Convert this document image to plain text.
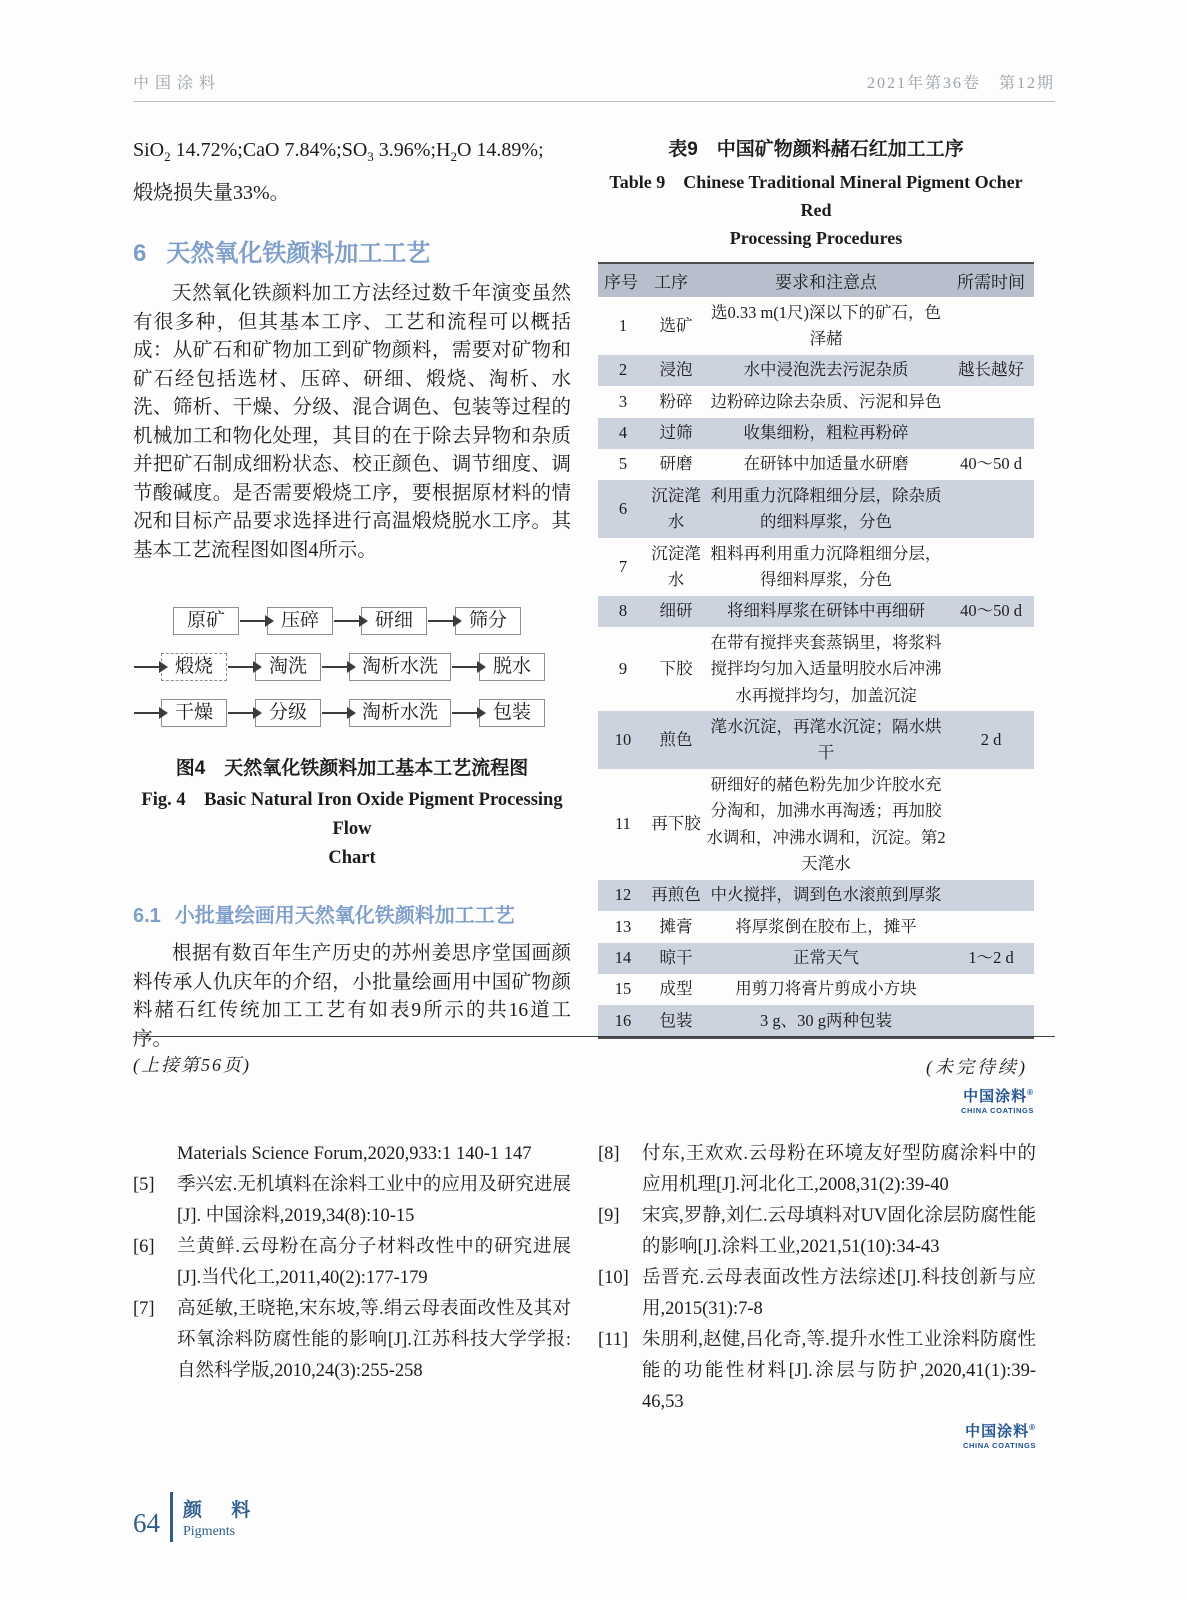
中国涂料	2021年第36卷　第12期
SiO$_2$ 14.72%;CaO $7.84\%;SO_3$ $3.96\%;H_2O$ 14.89%;
煅烧损失量33%。
6 天然氧化铁颜料加工工艺
天然氧化铁颜料加工方法经过数千年演变虽然有很多种，但其基本工序、工艺和流程可以概括成：从矿石和矿物加工到矿物颜料，需要对矿物和矿石经包括选材、压碎、研细、煅烧、淘析、水洗、筛析、干燥、分级、混合调色、包装等过程的机械加工和物化处理，其目的在于除去异物和杂质并把矿石制成细粉状态、校正颜色、调节细度、调节酸碱度。是否需要煅烧工序，要根据原材料的情况和目标产品要求选择进行高温煅烧脱水工序。其基本工艺流程图如图4所示。
原矿	压碎	研细	筛分
煅烧	淘洗	淘析水洗	脱水
干燥	分级	淘析水洗	包装
图4　天然氧化铁颜料加工基本工艺流程图
Fig. 4　Basic Natural Iron Oxide Pigment Processing Flow
Chart
6.1 小批量绘画用天然氧化铁颜料加工工艺
根据有数百年生产历史的苏州姜思序堂国画颜料传承人仇庆年的介绍，小批量绘画用中国矿物颜料赭石红传统加工工艺有如表9所示的共16道工序。
表9　中国矿物颜料赭石红加工工序
Table 9　Chinese Traditional Mineral Pigment Ocher Red
Processing Procedures
序号	工序	要求和注意点	所需时间
1	选矿	选0.33 m(1尺)深以下的矿石，色泽赭	
2	浸泡	水中浸泡洗去污泥杂质	越长越好
3	粉碎	边粉碎边除去杂质、污泥和异色	
4	过筛	收集细粉，粗粒再粉碎	
5	研磨	在研钵中加适量水研磨	40～50 d
6	沉淀滗水	利用重力沉降粗细分层，除杂质的细料厚浆，分色	
7	沉淀滗水	粗料再利用重力沉降粗细分层，得细料厚浆，分色	
8	细研	将细料厚浆在研钵中再细研	40～50 d
9	下胶	在带有搅拌夹套蒸锅里，将浆料搅拌均匀加入适量明胶水后冲沸水再搅拌均匀，加盖沉淀	
10	煎色	滗水沉淀，再滗水沉淀；隔水烘干	2 d
11	再下胶	研细好的赭色粉先加少许胶水充分淘和，加沸水再淘透；再加胶水调和，冲沸水调和，沉淀。第2天滗水	
12	再煎色	中火搅拌，调到色水滚煎到厚浆	
13	摊膏	将厚浆倒在胶布上，摊平	
14	晾干	正常天气	1～2 d
15	成型	用剪刀将膏片剪成小方块	
16	包装	3 g、30 g两种包装	
(未完待续)
中国涂料®
CHINA COATINGS
(上接第56页)
Materials Science Forum,2020,933:1 140-1 147
[5]	季兴宏.无机填料在涂料工业中的应用及研究进展[J]. 中国涂料,2019,34(8):10-15
[6]	兰黄鲜.云母粉在高分子材料改性中的研究进展[J].当代化工,2011,40(2):177-179
[7]	高延敏,王晓艳,宋东坡,等.绢云母表面改性及其对环氧涂料防腐性能的影响[J].江苏科技大学学报:自然科学版,2010,24(3):255-258
[8]	付东,王欢欢.云母粉在环境友好型防腐涂料中的应用机理[J].河北化工,2008,31(2):39-40
[9]	宋宾,罗静,刘仁.云母填料对UV固化涂层防腐性能的影响[J].涂料工业,2021,51(10):34-43
[10] 岳晋充.云母表面改性方法综述[J].科技创新与应用,2015(31):7-8
[11] 朱朋利,赵健,吕化奇,等.提升水性工业涂料防腐性能的功能性材料[J].涂层与防护,2020,41(1):39-46,53
中国涂料®
CHINA COATINGS
64 颜 料
Pigments
